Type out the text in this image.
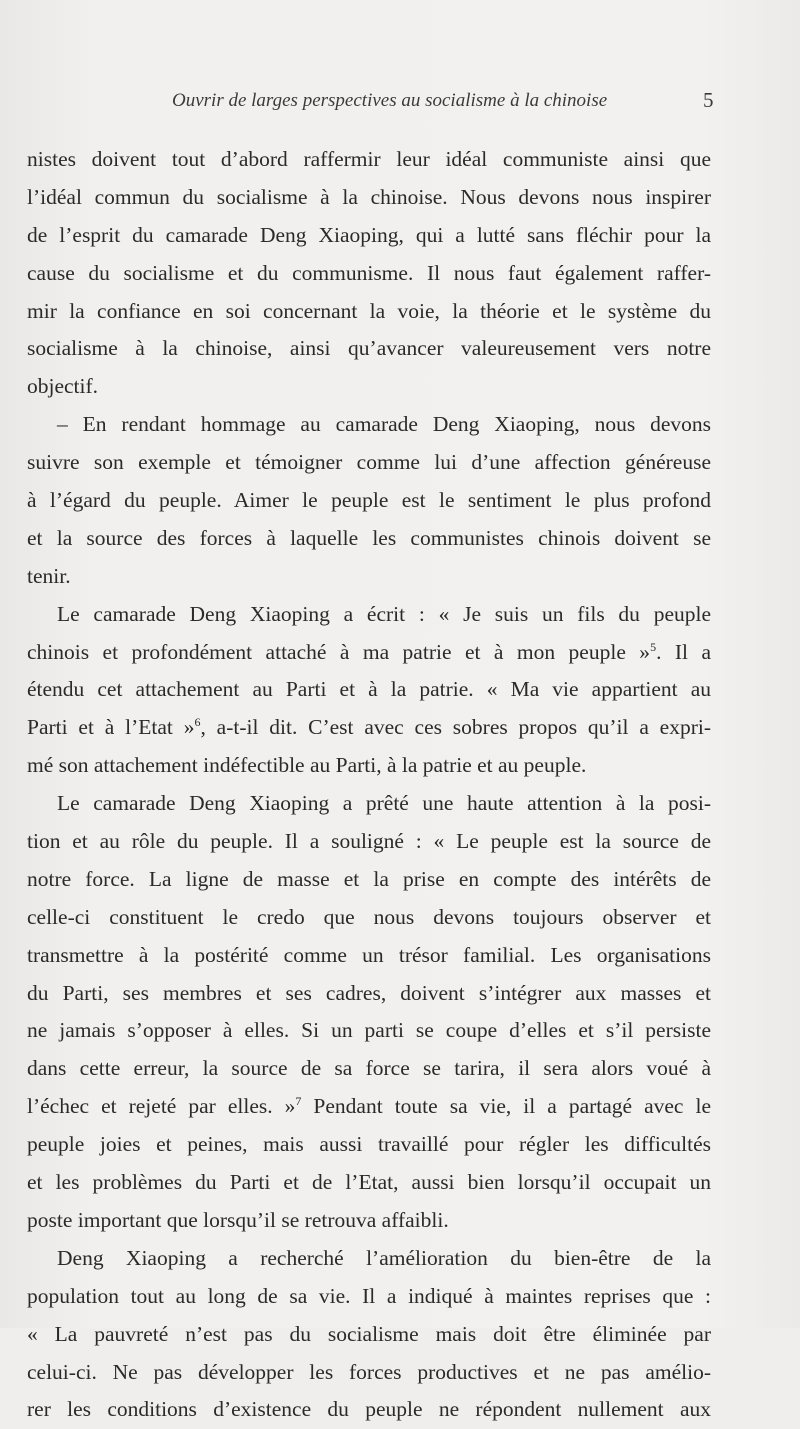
Ouvrir de larges perspectives au socialisme à la chinoise	5
nistes doivent tout d’abord raffermir leur idéal communiste ainsi que
l’idéal commun du socialisme à la chinoise. Nous devons nous inspirer
de l’esprit du camarade Deng Xiaoping, qui a lutté sans fléchir pour la
cause du socialisme et du communisme. Il nous faut également raffer-
mir la confiance en soi concernant la voie, la théorie et le système du
socialisme à la chinoise, ainsi qu’avancer valeureusement vers notre
objectif.
– En rendant hommage au camarade Deng Xiaoping, nous devons
suivre son exemple et témoigner comme lui d’une affection généreuse
à l’égard du peuple. Aimer le peuple est le sentiment le plus profond
et la source des forces à laquelle les communistes chinois doivent se
tenir.
Le camarade Deng Xiaoping a écrit : « Je suis un fils du peuple
chinois et profondément attaché à ma patrie et à mon peuple »$^5$. Il a
étendu cet attachement au Parti et à la patrie. « Ma vie appartient au
Parti et à l’Etat »$^6$, a-t-il dit. C’est avec ces sobres propos qu’il a expri-
mé son attachement indéfectible au Parti, à la patrie et au peuple.
Le camarade Deng Xiaoping a prêté une haute attention à la posi-
tion et au rôle du peuple. Il a souligné : « Le peuple est la source de
notre force. La ligne de masse et la prise en compte des intérêts de
celle-ci constituent le credo que nous devons toujours observer et
transmettre à la postérité comme un trésor familial. Les organisations
du Parti, ses membres et ses cadres, doivent s’intégrer aux masses et
ne jamais s’opposer à elles. Si un parti se coupe d’elles et s’il persiste
dans cette erreur, la source de sa force se tarira, il sera alors voué à
l’échec et rejeté par elles. »$^7$ Pendant toute sa vie, il a partagé avec le
peuple joies et peines, mais aussi travaillé pour régler les difficultés
et les problèmes du Parti et de l’Etat, aussi bien lorsqu’il occupait un
poste important que lorsqu’il se retrouva affaibli.
Deng Xiaoping a recherché l’amélioration du bien-être de la
population tout au long de sa vie. Il a indiqué à maintes reprises que :
« La pauvreté n’est pas du socialisme mais doit être éliminée par
celui-ci. Ne pas développer les forces productives et ne pas amélio-
rer les conditions d’existence du peuple ne répondent nullement aux
